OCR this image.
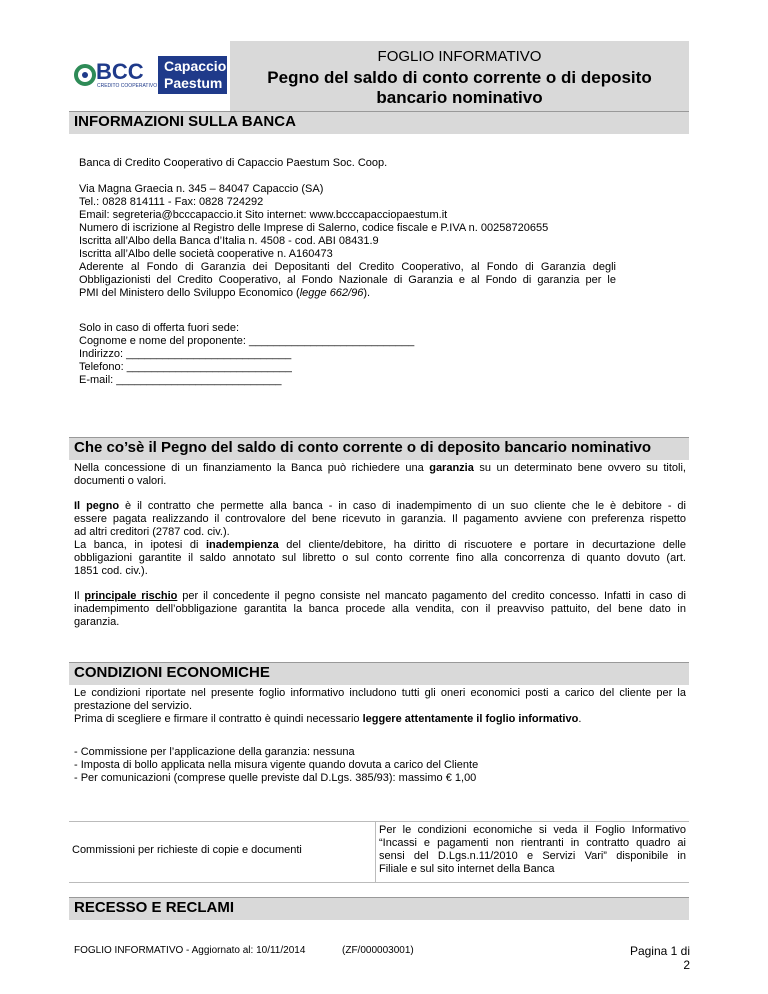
BCC
CREDITO COOPERATIVO
Capaccio
Paestum
FOGLIO INFORMATIVO
Pegno del saldo di conto corrente o di deposito
bancario nominativo
INFORMAZIONI SULLA BANCA
Banca di Credito Cooperativo di Capaccio Paestum Soc. Coop.
Via Magna Graecia n. 345 – 84047 Capaccio (SA)
Tel.: 0828 814111 - Fax: 0828 724292
Email: segreteria@bcccapaccio.it Sito internet: www.bcccapacciopaestum.it
Numero di iscrizione al Registro delle Imprese di Salerno, codice fiscale e P.IVA n. 00258720655
Iscritta all’Albo della Banca d’Italia n. 4508 - cod. ABI 08431.9
Iscritta all’Albo delle società cooperative n. A160473
Aderente al Fondo di Garanzia dei Depositanti del Credito Cooperativo, al Fondo di Garanzia degli
Obbligazionisti del Credito Cooperativo, al Fondo Nazionale di Garanzia e al Fondo di garanzia per le
PMI del Ministero dello Sviluppo Economico (legge 662/96).
Solo in caso di offerta fuori sede:
Cognome e nome del proponente: ___________________________
Indirizzo: ___________________________
Telefono: ___________________________
E-mail: ___________________________
Che co’sè il Pegno del saldo di conto corrente o di deposito bancario nominativo
Nella concessione di un finanziamento la Banca può richiedere una garanzia su un determinato bene ovvero su titoli,
documenti o valori.
Il pegno è il contratto che permette alla banca - in caso di inadempimento di un suo cliente che le è debitore - di
essere pagata realizzando il controvalore del bene ricevuto in garanzia. Il pagamento avviene con preferenza rispetto
ad altri creditori (2787 cod. civ.).
La banca, in ipotesi di inadempienza del cliente/debitore, ha diritto di riscuotere e portare in decurtazione delle
obbligazioni garantite il saldo annotato sul libretto o sul conto corrente fino alla concorrenza di quanto dovuto (art.
1851 cod. civ.).
Il principale rischio per il concedente il pegno consiste nel mancato pagamento del credito concesso. Infatti in caso di
inadempimento dell’obbligazione garantita la banca procede alla vendita, con il preavviso pattuito, del bene dato in
garanzia.
CONDIZIONI ECONOMICHE
Le condizioni riportate nel presente foglio informativo includono tutti gli oneri economici posti a carico del cliente per la
prestazione del servizio.
Prima di scegliere e firmare il contratto è quindi necessario leggere attentamente il foglio informativo.
- Commissione per l’applicazione della garanzia: nessuna
- Imposta di bollo applicata nella misura vigente quando dovuta a carico del Cliente
- Per comunicazioni (comprese quelle previste dal D.Lgs. 385/93): massimo € 1,00
Commissioni per richieste di copie e documenti
Per le condizioni economiche si veda il Foglio Informativo
“Incassi e pagamenti non rientranti in contratto quadro ai
sensi del D.Lgs.n.11/2010 e Servizi Vari” disponibile in
Filiale e sul sito internet della Banca
RECESSO E RECLAMI
FOGLIO INFORMATIVO - Aggiornato al: 10/11/2014	(ZF/000003001)	Pagina 1 di 2
